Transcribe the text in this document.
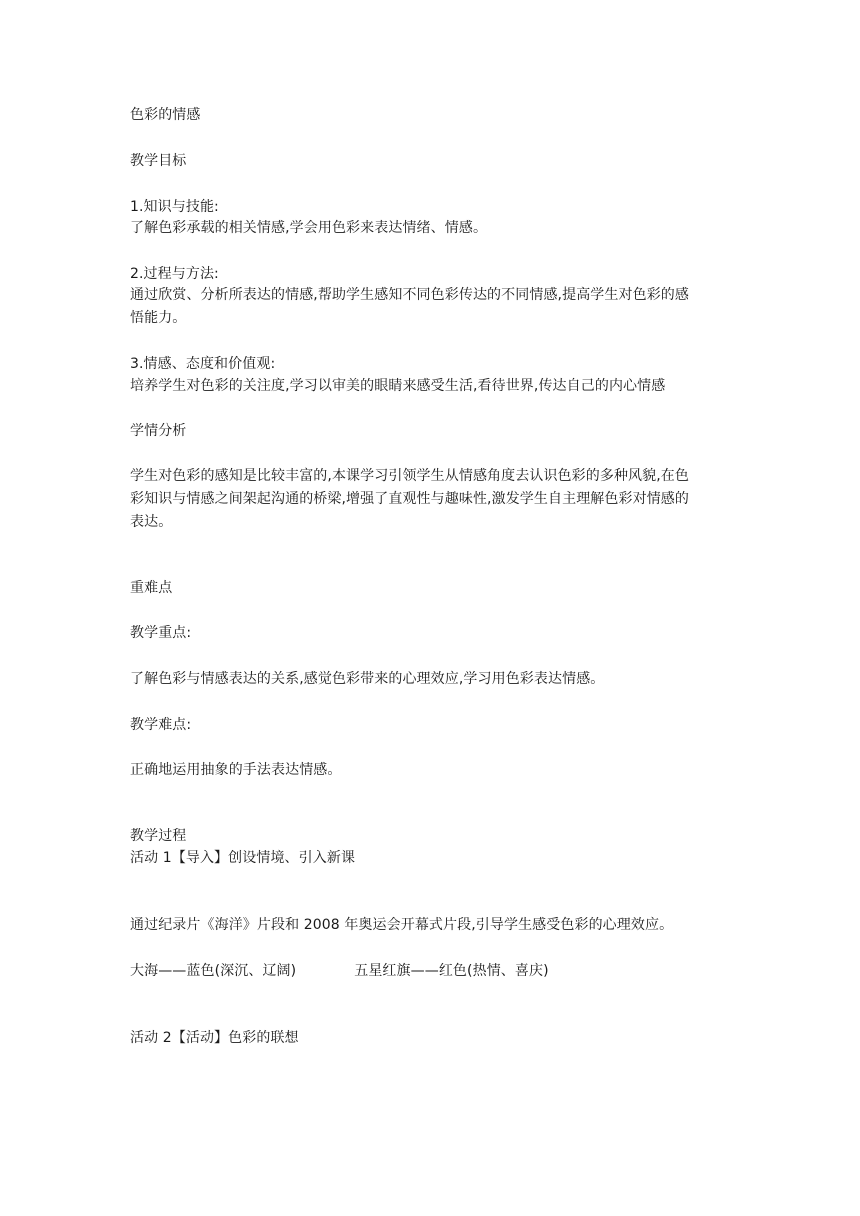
色彩的情感
教学目标
1.知识与技能:
了解色彩承载的相关情感,学会用色彩来表达情绪、情感。
2.过程与方法:
通过欣赏、分析所表达的情感,帮助学生感知不同色彩传达的不同情感,提高学生对色彩的感
悟能力。
3.情感、态度和价值观:
培养学生对色彩的关注度,学习以审美的眼睛来感受生活,看待世界,传达自己的内心情感
学情分析
学生对色彩的感知是比较丰富的,本课学习引领学生从情感角度去认识色彩的多种风貌,在色
彩知识与情感之间架起沟通的桥梁,增强了直观性与趣味性,激发学生自主理解色彩对情感的
表达。
重难点
教学重点:
了解色彩与情感表达的关系,感觉色彩带来的心理效应,学习用色彩表达情感。
教学难点:
正确地运用抽象的手法表达情感。
教学过程
活动 1【导入】创设情境、引入新课
通过纪录片《海洋》片段和 2008 年奥运会开幕式片段,引导学生感受色彩的心理效应。
大海——蓝色(深沉、辽阔)	五星红旗——红色(热情、喜庆)
活动 2【活动】色彩的联想
